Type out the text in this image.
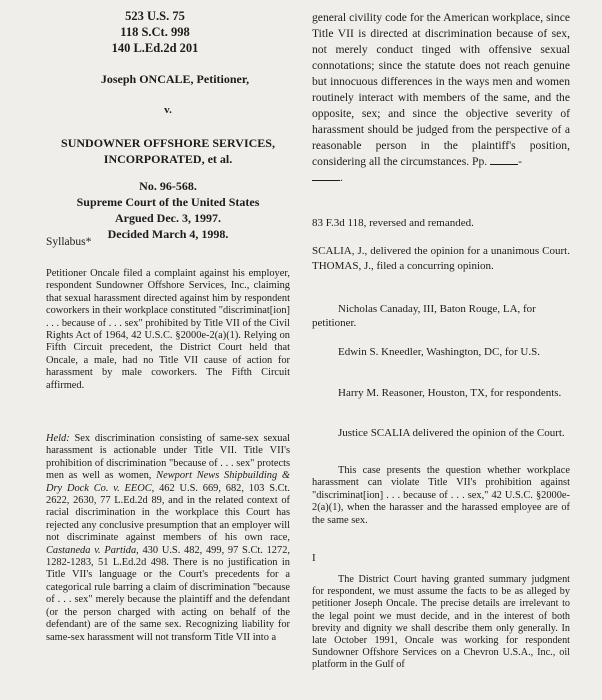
523 U.S. 75
118 S.Ct. 998
140 L.Ed.2d 201
Joseph ONCALE, Petitioner,
v.
SUNDOWNER OFFSHORE SERVICES,
INCORPORATED, et al.
No. 96-568.
Supreme Court of the United States
Argued Dec. 3, 1997.
Decided March 4, 1998.
Syllabus*

Petitioner Oncale filed a complaint against his employer, respondent Sundowner Offshore Services, Inc., claiming that sexual harassment directed against him by respondent coworkers in their workplace constituted "discriminat[ion] . . . because of . . . sex" prohibited by Title VII of the Civil Rights Act of 1964, 42 U.S.C. §2000e-2(a)(1). Relying on Fifth Circuit precedent, the District Court held that Oncale, a male, had no Title VII cause of action for harassment by male coworkers. The Fifth Circuit affirmed.

Held: Sex discrimination consisting of same-sex sexual harassment is actionable under Title VII. Title VII's prohibition of discrimination "because of . . . sex" protects men as well as women, Newport News Shipbuilding & Dry Dock Co. v. EEOC, 462 U.S. 669, 682, 103 S.Ct. 2622, 2630, 77 L.Ed.2d 89, and in the related context of racial discrimination in the workplace this Court has rejected any conclusive presumption that an employer will not discriminate against members of his own race, Castaneda v. Partida, 430 U.S. 482, 499, 97 S.Ct. 1272, 1282-1283, 51 L.Ed.2d 498. There is no justification in Title VII's language or the Court's precedents for a categorical rule barring a claim of discrimination "because of . . . sex" merely because the plaintiff and the defendant (or the person charged with acting on behalf of the defendant) are of the same sex. Recognizing liability for same-sex harassment will not transform Title VII into a

general civility code for the American workplace, since Title VII is directed at discrimination because of sex, not merely conduct tinged with offensive sexual connotations; since the statute does not reach genuine but innocuous differences in the ways men and women routinely interact with members of the same, and the opposite, sex; and since the objective severity of harassment should be judged from the perspective of a reasonable person in the plaintiff's position, considering all the circumstances. Pp.	-
.

83 F.3d 118, reversed and remanded.

SCALIA, J., delivered the opinion for a unanimous Court. THOMAS, J., filed a concurring opinion.

Nicholas Canaday, III, Baton Rouge, LA, for petitioner.

Edwin S. Kneedler, Washington, DC, for U.S.

Harry M. Reasoner, Houston, TX, for respondents.

Justice SCALIA delivered the opinion of the Court.

This case presents the question whether workplace harassment can violate Title VII's prohibition against "discriminat[ion] . . . because of . . . sex," 42 U.S.C. §2000e-2(a)(1), when the harasser and the harassed employee are of the same sex.

I

The District Court having granted summary judgment for respondent, we must assume the facts to be as alleged by petitioner Joseph Oncale. The precise details are irrelevant to the legal point we must decide, and in the interest of both brevity and dignity we shall describe them only generally. In late October 1991, Oncale was working for respondent Sundowner Offshore Services on a Chevron U.S.A., Inc., oil platform in the Gulf of
